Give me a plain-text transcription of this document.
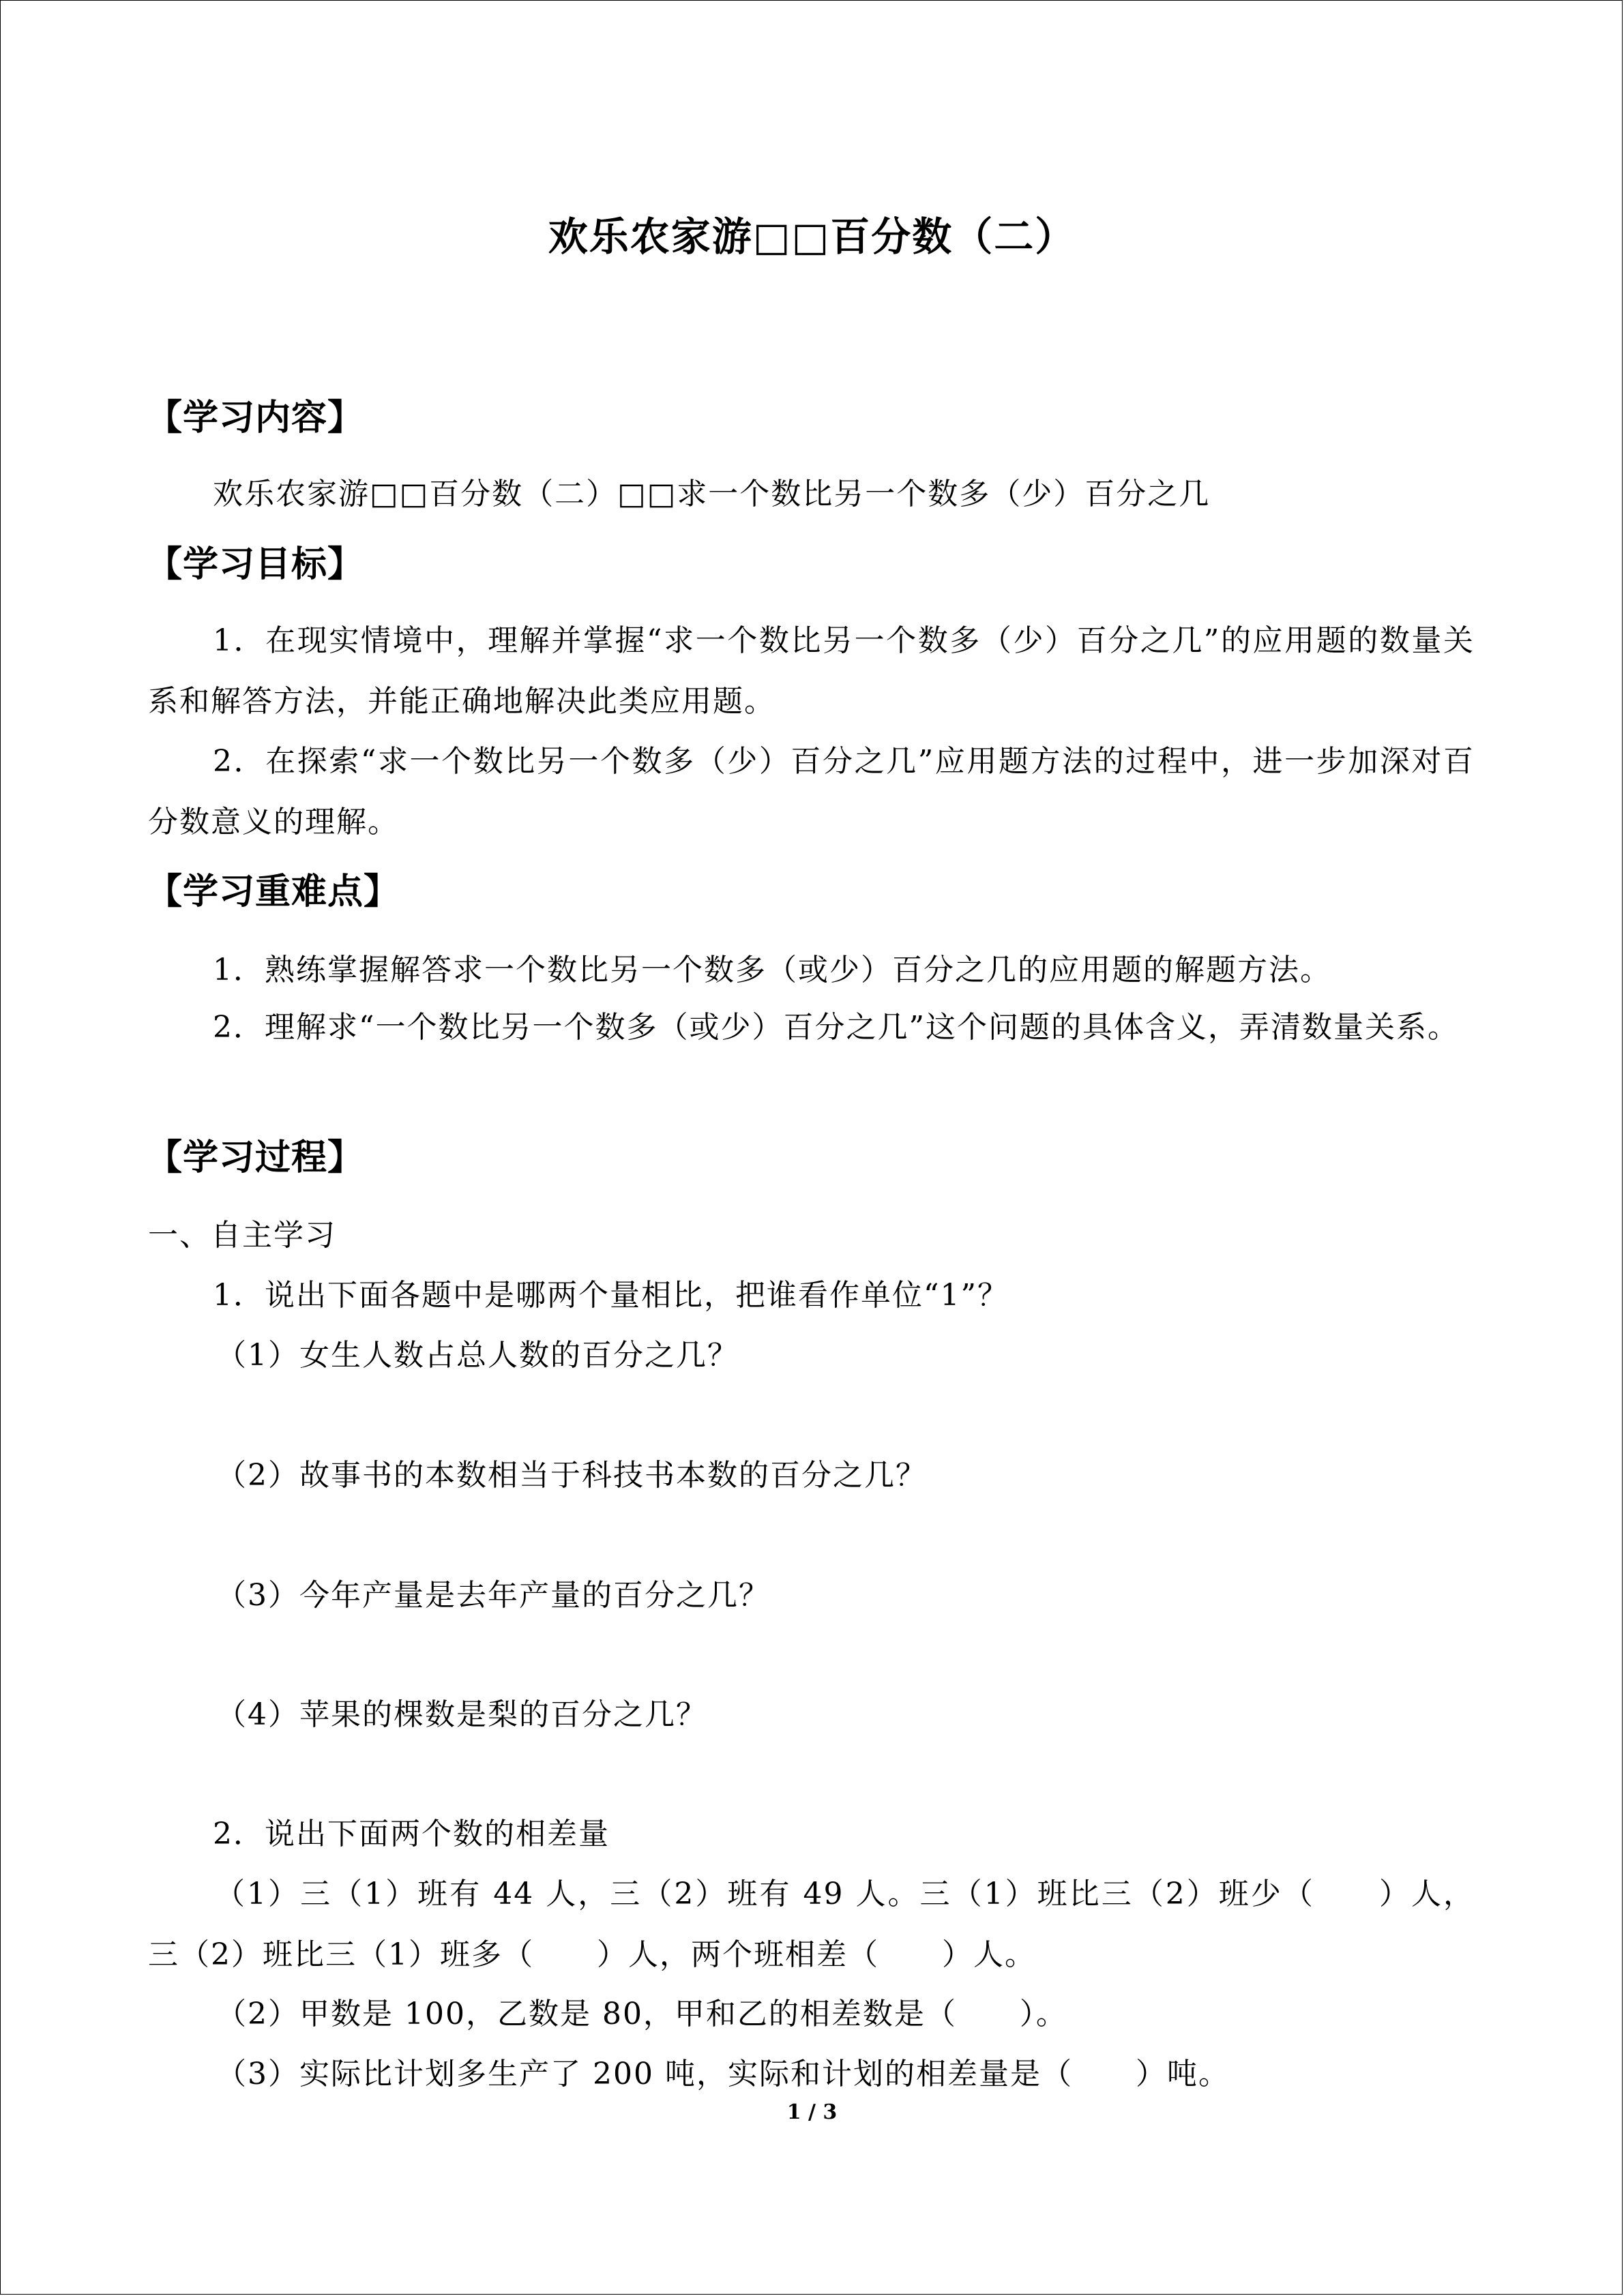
欢乐农家游□□百分数（二）
【学习内容】
欢乐农家游□□百分数（二）□□求一个数比另一个数多（少）百分之几
【学习目标】
1．在现实情境中，理解并掌握“求一个数比另一个数多（少）百分之几”的应用题的数量关系和解答方法，并能正确地解决此类应用题。
2．在探索“求一个数比另一个数多（少）百分之几”应用题方法的过程中，进一步加深对百分数意义的理解。
【学习重难点】
1．熟练掌握解答求一个数比另一个数多（或少）百分之几的应用题的解题方法。
2．理解求“一个数比另一个数多（或少）百分之几”这个问题的具体含义，弄清数量关系。
【学习过程】
一、自主学习
1．说出下面各题中是哪两个量相比，把谁看作单位“1”？
（1）女生人数占总人数的百分之几？
（2）故事书的本数相当于科技书本数的百分之几？
（3）今年产量是去年产量的百分之几？
（4）苹果的棵数是梨的百分之几？
2．说出下面两个数的相差量
（1）三（1）班有 44 人，三（2）班有 49 人。三（1）班比三（2）班少（　　）人，三（2）班比三（1）班多（　　）人，两个班相差（　　）人。
（2）甲数是 100，乙数是 80，甲和乙的相差数是（　　）。
（3）实际比计划多生产了 200 吨，实际和计划的相差量是（　　）吨。
1 / 3
